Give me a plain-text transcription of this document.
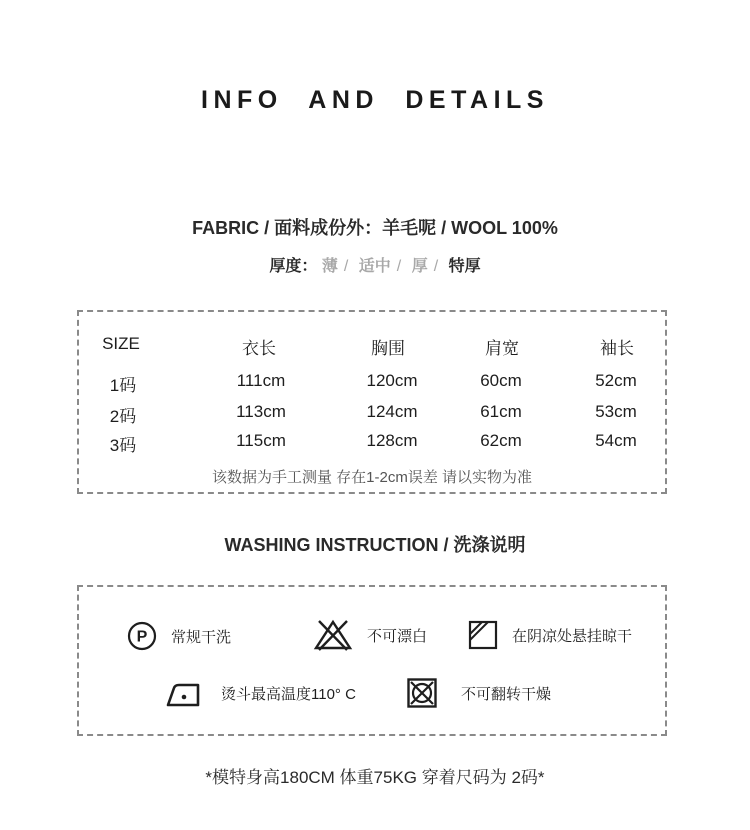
INFO AND DETAILS
FABRIC / 面料成份外：羊毛呢 / WOOL 100%
厚度： 薄 / 适中 / 厚 / 特厚
SIZE	衣长	胸围	肩宽	袖长
1码	111cm	120cm	60cm	52cm
2码	113cm	124cm	61cm	53cm
3码	115cm	128cm	62cm	54cm
该数据为手工测量 存在1-2cm误差 请以实物为准
WASHING INSTRUCTION / 洗涤说明
P 常规干洗	不可漂白	在阴凉处悬挂晾干
烫斗最高温度110° C	不可翻转干燥
*模特身高180CM 体重75KG 穿着尺码为 2码*
